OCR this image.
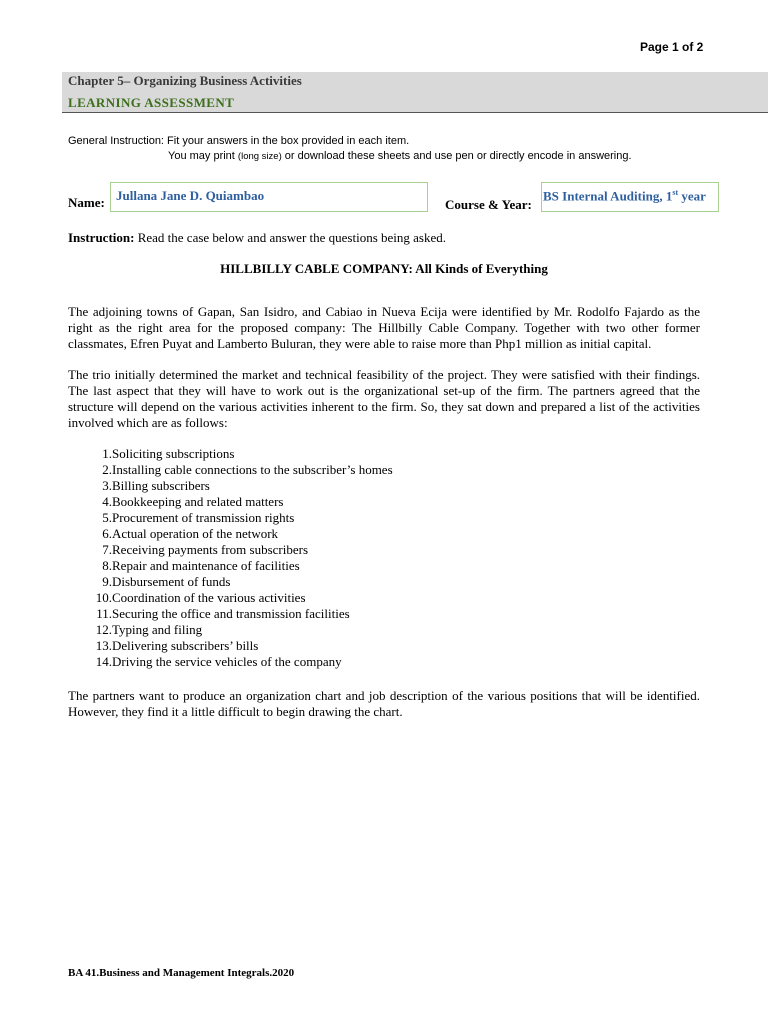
Page 1 of 2
Chapter 5– Organizing Business Activities
LEARNING ASSESSMENT
General Instruction: Fit your answers in the box provided in each item.
You may print (long size) or download these sheets and use pen or directly encode in answering.
Name: Jullana Jane D. Quiambao
Course & Year:
BS Internal Auditing, 1st year
Instruction: Read the case below and answer the questions being asked.
HILLBILLY CABLE COMPANY: All Kinds of Everything
The adjoining towns of Gapan, San Isidro, and Cabiao in Nueva Ecija were identified by Mr. Rodolfo Fajardo as the right as the right area for the proposed company: The Hillbilly Cable Company. Together with two other former classmates, Efren Puyat and Lamberto Buluran, they were able to raise more than Php1 million as initial capital.
The trio initially determined the market and technical feasibility of the project. They were satisfied with their findings. The last aspect that they will have to work out is the organizational set-up of the firm. The partners agreed that the structure will depend on the various activities inherent to the firm. So, they sat down and prepared a list of the activities involved which are as follows:
1. Soliciting subscriptions
2. Installing cable connections to the subscriber’s homes
3. Billing subscribers
4. Bookkeeping and related matters
5. Procurement of transmission rights
6. Actual operation of the network
7. Receiving payments from subscribers
8. Repair and maintenance of facilities
9. Disbursement of funds
10. Coordination of the various activities
11. Securing the office and transmission facilities
12. Typing and filing
13. Delivering subscribers’ bills
14. Driving the service vehicles of the company
The partners want to produce an organization chart and job description of the various positions that will be identified. However, they find it a little difficult to begin drawing the chart.
BA 41.Business and Management Integrals.2020
